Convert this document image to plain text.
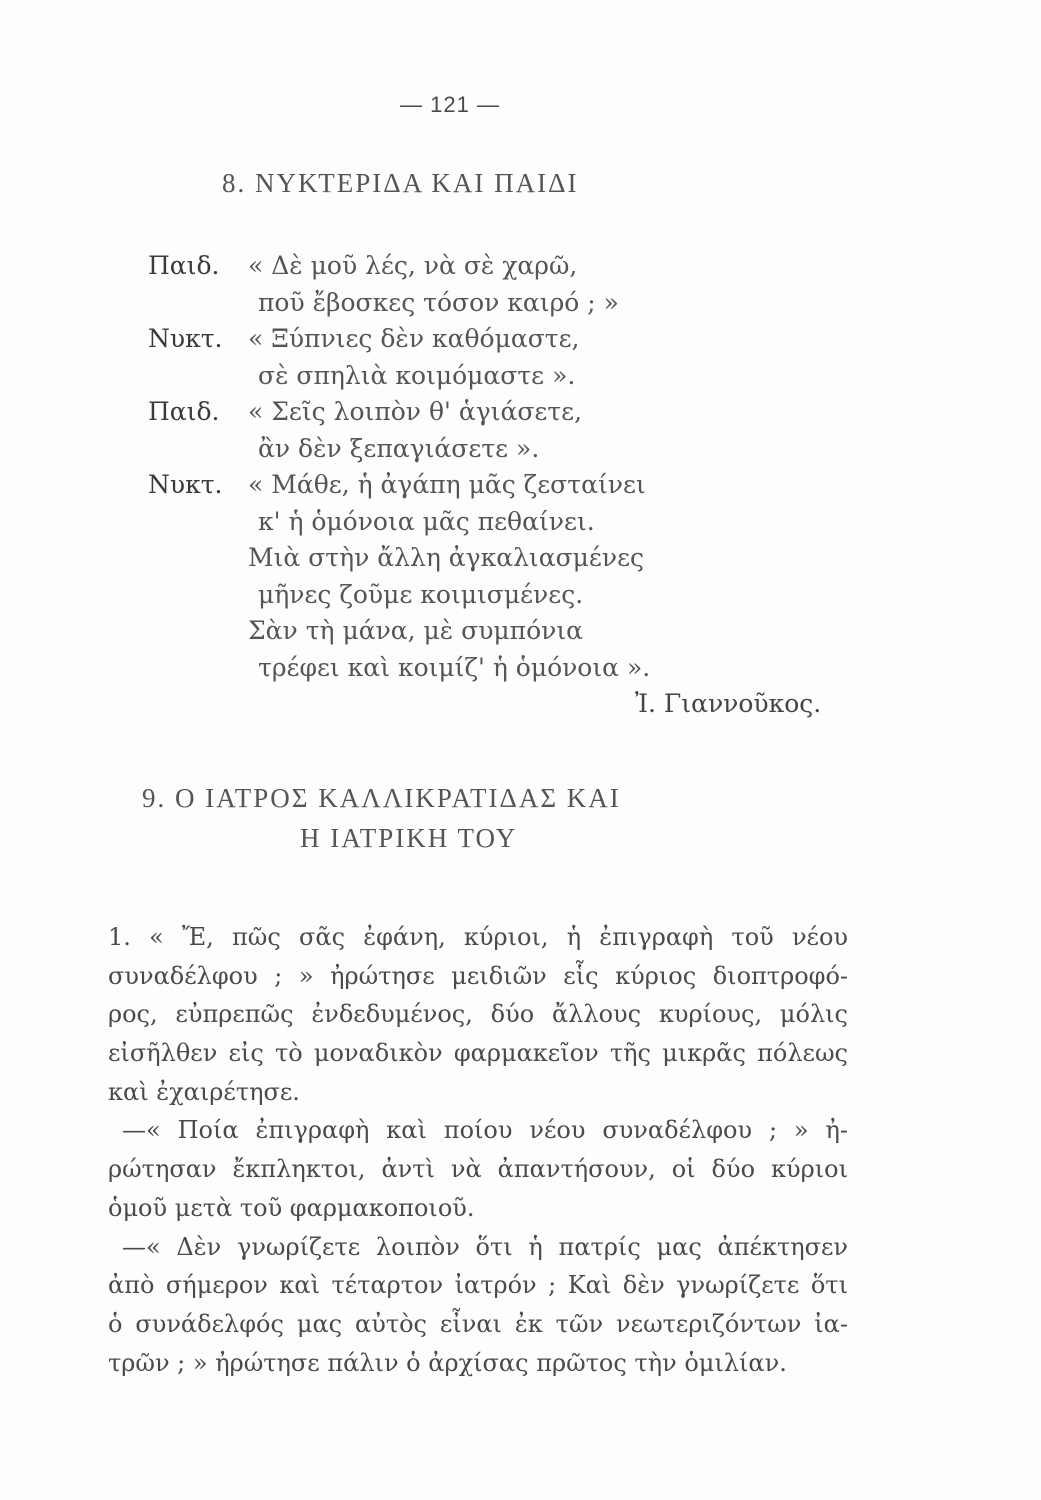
— 121 —
8. ΝΥΚΤΕΡΙΔΑ ΚΑΙ ΠΑΙΔΙ
Παιδ.	« Δὲ μοῦ λές, νὰ σὲ χαρῶ,
ποῦ ἔβοσκες τόσον καιρό ; »
Νυκτ.	« Ξύπνιες δὲν καθόμαστε,
σὲ σπηλιὰ κοιμόμαστε ».
Παιδ.	« Σεῖς λοιπὸν θ' ἁγιάσετε,
ἂν δὲν ξεπαγιάσετε ».
Νυκτ.	« Μάθε, ἡ ἀγάπη μᾶς ζεσταίνει
κ' ἡ ὁμόνοια μᾶς πεθαίνει.
Μιὰ στὴν ἄλλη ἀγκαλιασμένες
μῆνες ζοῦμε κοιμισμένες.
Σὰν τὴ μάνα, μὲ συμπόνια
τρέφει καὶ κοιμίζ' ἡ ὁμόνοια ».
Ἰ. Γιαννοῦκος.
9. Ο ΙΑΤΡΟΣ ΚΑΛΛΙΚΡΑΤΙΔΑΣ ΚΑΙ
Η ΙΑΤΡΙΚΗ ΤΟΥ
1. « Ἔ, πῶς σᾶς ἐφάνη, κύριοι, ἡ ἐπιγραφὴ τοῦ νέου
συναδέλφου ; » ἠρώτησε μειδιῶν εἷς κύριος διοπτροφό-
ρος, εὐπρεπῶς ἐνδεδυμένος, δύο ἄλλους κυρίους, μόλις
εἰσῆλθεν εἰς τὸ μοναδικὸν φαρμακεῖον τῆς μικρᾶς πόλεως
καὶ ἐχαιρέτησε.
—« Ποία ἐπιγραφὴ καὶ ποίου νέου συναδέλφου ; » ἠ-
ρώτησαν ἔκπληκτοι, ἀντὶ νὰ ἀπαντήσουν, οἱ δύο κύριοι
ὁμοῦ μετὰ τοῦ φαρμακοποιοῦ.
—« Δὲν γνωρίζετε λοιπὸν ὅτι ἡ πατρίς μας ἀπέκτησεν
ἀπὸ σήμερον καὶ τέταρτον ἰατρόν ; Καὶ δὲν γνωρίζετε ὅτι
ὁ συνάδελφός μας αὐτὸς εἶναι ἐκ τῶν νεωτεριζόντων ἰα-
τρῶν ; » ἠρώτησε πάλιν ὁ ἀρχίσας πρῶτος τὴν ὁμιλίαν.
